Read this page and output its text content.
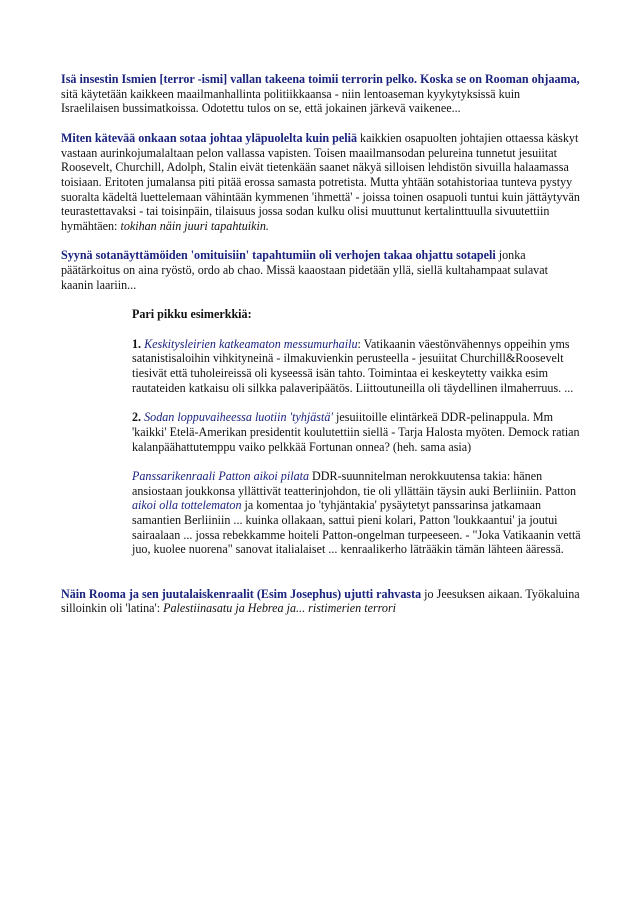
Isä insestin Ismien [terror -ismi] vallan takeena toimii terrorin pelko. Koska se on Rooman ohjaama, sitä käytetään kaikkeen maailmanhallinta politiikkaansa - niin lentoaseman kyykytyksissä kuin Israelilaisen bussimatkoissa. Odotettu tulos on se, että jokainen järkevä vaikenee...

Miten kätevää onkaan sotaa johtaa yläpuolelta kuin peliä kaikkien osapuolten johtajien ottaessa käskyt vastaan aurinkojumalaltaan pelon vallassa vapisten. Toisen maailmansodan pelureina tunnetut jesuiitat Roosevelt, Churchill, Adolph, Stalin eivät tietenkään saanet näkyä silloisen lehdistön sivuilla halaamassa toisiaan. Eritoten jumalansa piti pitää erossa samasta potretista. Mutta yhtään sotahistoriaa tunteva pystyy suoralta kädeltä luettelemaan vähintään kymmenen 'ihmettä' - joissa toinen osapuoli tuntui kuin jättäytyvän teurastettavaksi - tai toisinpäin, tilaisuus jossa sodan kulku olisi muuttunut kertalinttuulla sivuutettiin hymähtäen: tokihan näin juuri tapahtuikin.

Syynä sotanäyttämöiden 'omituisiin' tapahtumiin oli verhojen takaa ohjattu sotapeli jonka päätärkoitus on aina ryöstö, ordo ab chao. Missä kaaostaan pidetään yllä, siellä kultahampaat sulavat kaanin laariin...

Pari pikku esimerkkiä:

1. Keskitysleirien katkeamaton messumurhailu: Vatikaanin väestönvähennys oppeihin yms satanistisaloihin vihkityneinä - ilmakuvienkin perusteella - jesuiitat Churchill&Roosevelt tiesivät että tuholeireissä oli kyseessä isän tahto. Toimintaa ei keskeytetty vaikka esim rautateiden katkaisu oli silkka palaveripäätös. Liittoutuneilla oli täydellinen ilmaherruus. ...

2. Sodan loppuvaiheessa luotiin 'tyhjästä' jesuiitoille elintärkeä DDR-pelinappula. Mm 'kaikki' Etelä-Amerikan presidentit koulutettiin siellä - Tarja Halosta myöten. Demock ratian kalanpäähattutemppu vaiko pelkkää Fortunan onnea? (heh. sama asia)

Panssarikenraali Patton aikoi pilata DDR-suunnitelman nerokkuutensa takia: hänen ansiostaan joukkonsa yllättivät teatterinjohdon, tie oli yllättäin täysin auki Berliiniin. Patton aikoi olla tottelematon ja komentaa jo 'tyhjäntakia' pysäytetyt panssarinsa jatkamaan samantien Berliiniin ... kuinka ollakaan, sattui pieni kolari, Patton 'loukkaantui' ja joutui sairaalaan ... jossa rebekkamme hoiteli Patton-ongelman turpeeseen. - "Joka Vatikaanin vettä juo, kuolee nuorena" sanovat italialaiset ... kenraalikerho läträäkin tämän lähteen ääressä.

Näin Rooma ja sen juutalaiskenraalit (Esim Josephus) ujutti rahvasta jo Jeesuksen aikaan. Työkaluina silloinkin oli 'latina': Palestiinasatu ja Hebrea ja... ristimerien terrori
